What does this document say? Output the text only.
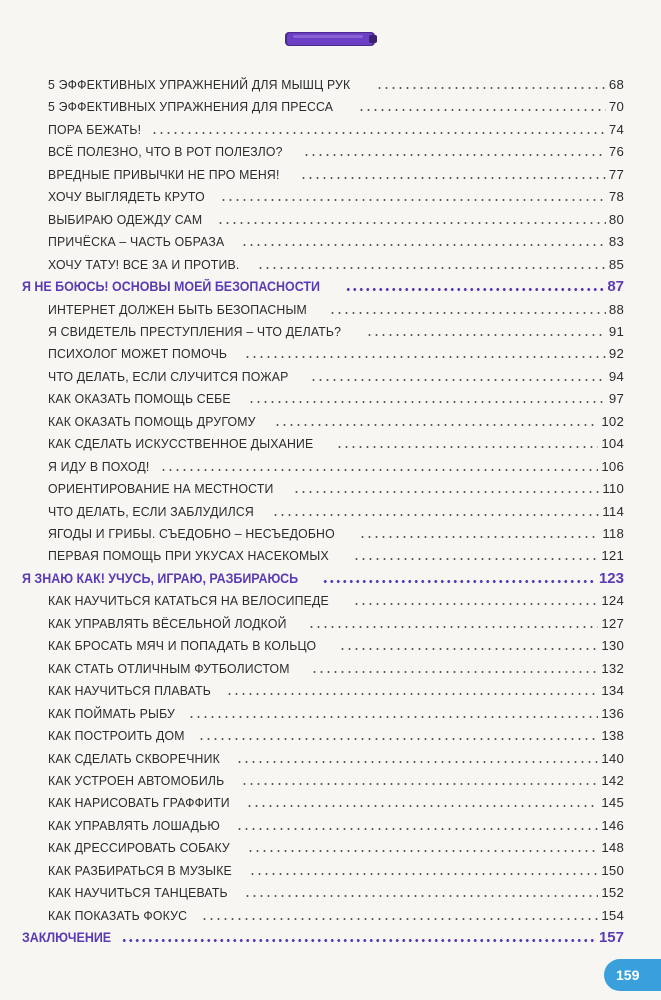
5 ЭФФЕКТИВНЫХ УПРАЖНЕНИЙ ДЛЯ МЫШЦ РУК	68
5 ЭФФЕКТИВНЫХ УПРАЖНЕНИЯ ДЛЯ ПРЕССА	70
ПОРА БЕЖАТЬ!	74
ВСЁ ПОЛЕЗНО, ЧТО В РОТ ПОЛЕЗЛО?	76
ВРЕДНЫЕ ПРИВЫЧКИ НЕ ПРО МЕНЯ!	77
ХОЧУ ВЫГЛЯДЕТЬ КРУТО	78
ВЫБИРАЮ ОДЕЖДУ САМ	80
ПРИЧЁСКА – ЧАСТЬ ОБРАЗА	83
ХОЧУ ТАТУ! ВСЕ ЗА И ПРОТИВ.	85
Я НЕ БОЮСЬ! ОСНОВЫ МОЕЙ БЕЗОПАСНОСТИ	87
ИНТЕРНЕТ ДОЛЖЕН БЫТЬ БЕЗОПАСНЫМ	88
Я СВИДЕТЕЛЬ ПРЕСТУПЛЕНИЯ – ЧТО ДЕЛАТЬ?	91
ПСИХОЛОГ МОЖЕТ ПОМОЧЬ	92
ЧТО ДЕЛАТЬ, ЕСЛИ СЛУЧИТСЯ ПОЖАР	94
КАК ОКАЗАТЬ ПОМОЩЬ СЕБЕ	97
КАК ОКАЗАТЬ ПОМОЩЬ ДРУГОМУ	102
КАК СДЕЛАТЬ ИСКУССТВЕННОЕ ДЫХАНИЕ	104
Я ИДУ В ПОХОД!	106
ОРИЕНТИРОВАНИЕ НА МЕСТНОСТИ	110
ЧТО ДЕЛАТЬ, ЕСЛИ ЗАБЛУДИЛСЯ	114
ЯГОДЫ И ГРИБЫ. СЪЕДОБНО – НЕСЪЕДОБНО	118
ПЕРВАЯ ПОМОЩЬ ПРИ УКУСАХ НАСЕКОМЫХ	121
Я ЗНАЮ КАК! УЧУСЬ, ИГРАЮ, РАЗБИРАЮСЬ	123
КАК НАУЧИТЬСЯ КАТАТЬСЯ НА ВЕЛОСИПЕДЕ	124
КАК УПРАВЛЯТЬ ВЁСЕЛЬНОЙ ЛОДКОЙ	127
КАК БРОСАТЬ МЯЧ И ПОПАДАТЬ В КОЛЬЦО	130
КАК СТАТЬ ОТЛИЧНЫМ ФУТБОЛИСТОМ	132
КАК НАУЧИТЬСЯ ПЛАВАТЬ	134
КАК ПОЙМАТЬ РЫБУ	136
КАК ПОСТРОИТЬ ДОМ	138
КАК СДЕЛАТЬ СКВОРЕЧНИК	140
КАК УСТРОЕН АВТОМОБИЛЬ	142
КАК НАРИСОВАТЬ ГРАФФИТИ	145
КАК УПРАВЛЯТЬ ЛОШАДЬЮ	146
КАК ДРЕССИРОВАТЬ СОБАКУ	148
КАК РАЗБИРАТЬСЯ В МУЗЫКЕ	150
КАК НАУЧИТЬСЯ ТАНЦЕВАТЬ	152
КАК ПОКАЗАТЬ ФОКУС	154
ЗАКЛЮЧЕНИЕ	157
159
